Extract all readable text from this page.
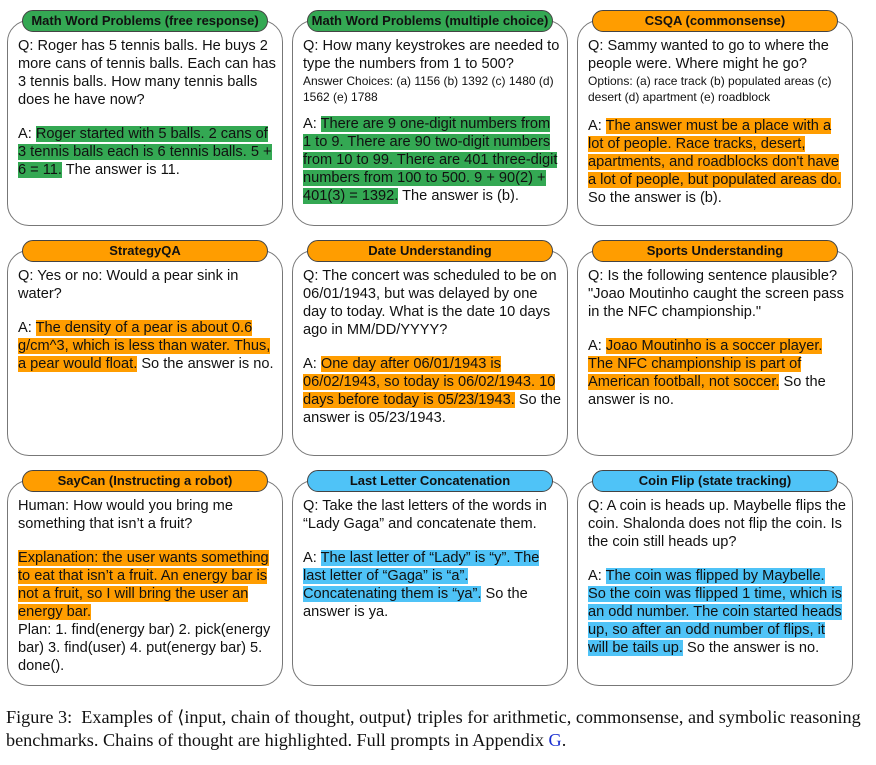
Math Word Problems (free response)
Q: Roger has 5 tennis balls. He buys 2 more cans of tennis balls. Each can has 3 tennis balls. How many tennis balls does he have now?
A: Roger started with 5 balls. 2 cans of 3 tennis balls each is 6 tennis balls. 5 + 6 = 11. The answer is 11.
Math Word Problems (multiple choice)
Q: How many keystrokes are needed to type the numbers from 1 to 500?
Answer Choices: (a) 1156 (b) 1392 (c) 1480 (d) 1562 (e) 1788
A: There are 9 one-digit numbers from 1 to 9. There are 90 two-digit numbers from 10 to 99. There are 401 three-digit numbers from 100 to 500. 9 + 90(2) + 401(3) = 1392. The answer is (b).
CSQA (commonsense)
Q: Sammy wanted to go to where the people were. Where might he go?
Options: (a) race track (b) populated areas (c) desert (d) apartment (e) roadblock
A: The answer must be a place with a lot of people. Race tracks, desert, apartments, and roadblocks don't have a lot of people, but populated areas do. So the answer is (b).
StrategyQA
Q: Yes or no: Would a pear sink in water?
A: The density of a pear is about 0.6 g/cm^3, which is less than water. Thus, a pear would float. So the answer is no.
Date Understanding
Q: The concert was scheduled to be on 06/01/1943, but was delayed by one day to today. What is the date 10 days ago in MM/DD/YYYY?
A: One day after 06/01/1943 is 06/02/1943, so today is 06/02/1943. 10 days before today is 05/23/1943. So the answer is 05/23/1943.
Sports Understanding
Q: Is the following sentence plausible? "Joao Moutinho caught the screen pass in the NFC championship."
A: Joao Moutinho is a soccer player. The NFC championship is part of American football, not soccer. So the answer is no.
SayCan (Instructing a robot)
Human: How would you bring me something that isn’t a fruit?
Explanation: the user wants something to eat that isn’t a fruit. An energy bar is not a fruit, so I will bring the user an energy bar.
Plan: 1. find(energy bar) 2. pick(energy bar) 3. find(user) 4. put(energy bar) 5. done().
Last Letter Concatenation
Q: Take the last letters of the words in “Lady Gaga” and concatenate them.
A: The last letter of “Lady” is “y”. The last letter of “Gaga” is “a”. Concatenating them is “ya”. So the answer is ya.
Coin Flip (state tracking)
Q: A coin is heads up. Maybelle flips the coin. Shalonda does not flip the coin. Is the coin still heads up?
A: The coin was flipped by Maybelle. So the coin was flipped 1 time, which is an odd number. The coin started heads up, so after an odd number of flips, it will be tails up. So the answer is no.
Figure 3:  Examples of ⟨input, chain of thought, output⟩ triples for arithmetic, commonsense, and symbolic reasoning benchmarks. Chains of thought are highlighted. Full prompts in Appendix G.
